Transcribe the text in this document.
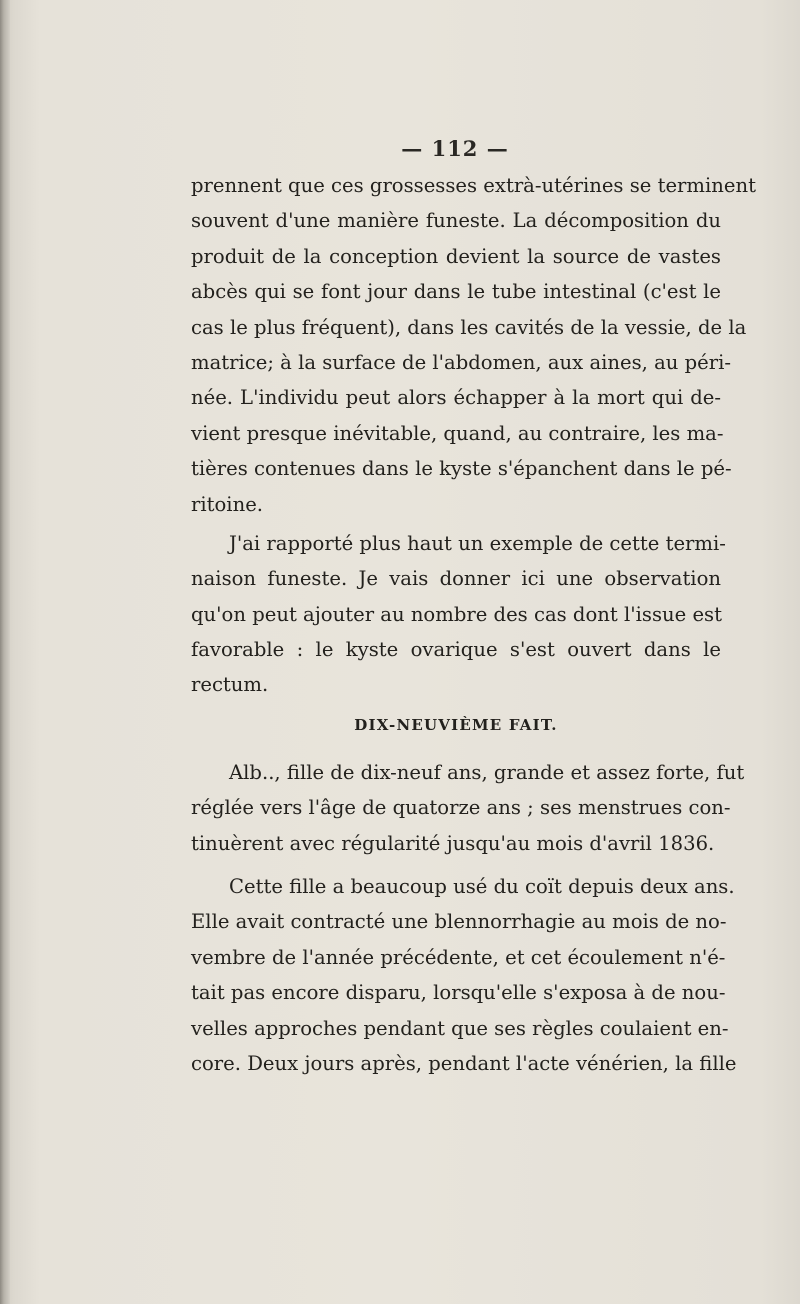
— 112 —
prennent que ces grossesses extrà-utérines se terminent
souvent d'une manière funeste. La décomposition du
produit de la conception devient la source de vastes
abcès qui se font jour dans le tube intestinal (c'est le
cas le plus fréquent), dans les cavités de la vessie, de la
matrice; à la surface de l'abdomen, aux aines, au péri-
née. L'individu peut alors échapper à la mort qui de-
vient presque inévitable, quand, au contraire, les ma-
tières contenues dans le kyste s'épanchent dans le pé-
ritoine.
J'ai rapporté plus haut un exemple de cette termi-
naison funeste. Je vais donner ici une observation
qu'on peut ajouter au nombre des cas dont l'issue est
favorable : le kyste ovarique s'est ouvert dans le
rectum.
DIX-NEUVIÈME FAIT.
Alb.., fille de dix-neuf ans, grande et assez forte, fut
réglée vers l'âge de quatorze ans ; ses menstrues con-
tinuèrent avec régularité jusqu'au mois d'avril 1836.
Cette fille a beaucoup usé du coït depuis deux ans.
Elle avait contracté une blennorrhagie au mois de no-
vembre de l'année précédente, et cet écoulement n'é-
tait pas encore disparu, lorsqu'elle s'exposa à de nou-
velles approches pendant que ses règles coulaient en-
core. Deux jours après, pendant l'acte vénérien, la fille
